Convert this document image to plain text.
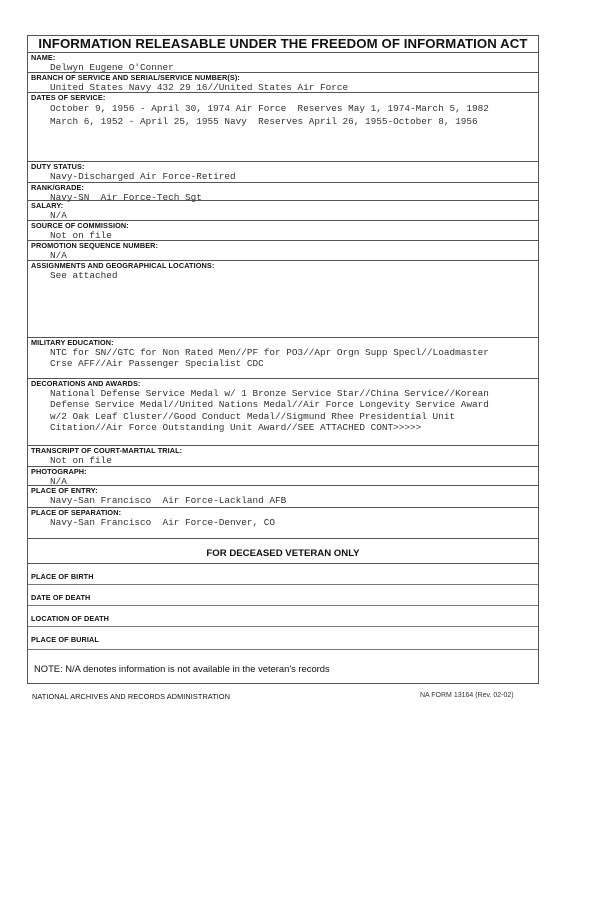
INFORMATION RELEASABLE UNDER THE FREEDOM OF INFORMATION ACT
NAME:
Delwyn Eugene O'Conner
BRANCH OF SERVICE AND SERIAL/SERVICE NUMBER(S):
United States Navy 432 29 16//United States Air Force
DATES OF SERVICE:
October 9, 1956 - April 30, 1974 Air Force  Reserves May 1, 1974-March 5, 1982
March 6, 1952 - April 25, 1955 Navy  Reserves April 26, 1955-October 8, 1956
DUTY STATUS:
Navy-Discharged Air Force-Retired
RANK/GRADE:
Navy-SN  Air Force-Tech Sgt
SALARY:
N/A
SOURCE OF COMMISSION:
Not on file
PROMOTION SEQUENCE NUMBER:
N/A
ASSIGNMENTS AND GEOGRAPHICAL LOCATIONS:
See attached
MILITARY EDUCATION:
NTC for SN//GTC for Non Rated Men//PF for PO3//Apr Orgn Supp Specl//Loadmaster
Crse AFF//Air Passenger Specialist CDC
DECORATIONS AND AWARDS:
National Defense Service Medal w/ 1 Bronze Service Star//China Service//Korean
Defense Service Medal//United Nations Medal//Air Force Longevity Service Award
w/2 Oak Leaf Cluster//Good Conduct Medal//Sigmund Rhee Presidential Unit
Citation//Air Force Outstanding Unit Award//SEE ATTACHED CONT>>>>>
TRANSCRIPT OF COURT-MARTIAL TRIAL:
Not on file
PHOTOGRAPH:
N/A
PLACE OF ENTRY:
Navy-San Francisco  Air Force-Lackland AFB
PLACE OF SEPARATION:
Navy-San Francisco  Air Force-Denver, CO
FOR DECEASED VETERAN ONLY
PLACE OF BIRTH
DATE OF DEATH
LOCATION OF DEATH
PLACE OF BURIAL
NOTE: N/A denotes information is not available in the veteran's records
NATIONAL ARCHIVES AND RECORDS ADMINISTRATION	NA FORM 13164 (Rev. 02-02)
